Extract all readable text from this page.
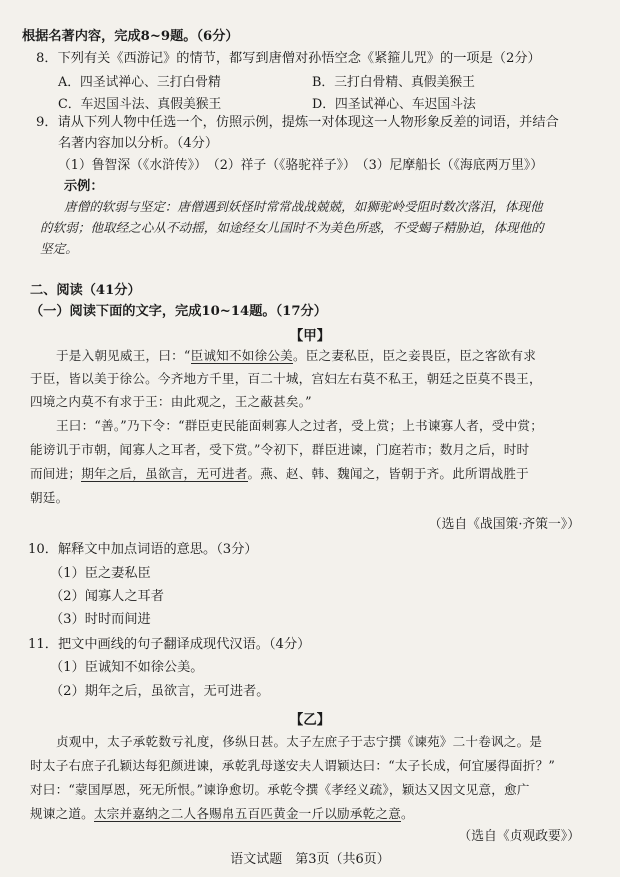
根据名著内容，完成8~9题。（6分）
8．下列有关《西游记》的情节，都写到唐僧对孙悟空念《紧箍儿咒》的一项是（2分）
A．四圣试禅心、三打白骨精	B．三打白骨精、真假美猴王
C．车迟国斗法、真假美猴王	D．四圣试禅心、车迟国斗法
9．请从下列人物中任选一个，仿照示例，提炼一对体现这一人物形象反差的词语，并结合
名著内容加以分析。（4分）
（1）鲁智深（《水浒传》）　（2）祥子（《骆驼祥子》）　（3）尼摩船长（《海底两万里》）
示例：
唐僧的软弱与坚定：唐僧遇到妖怪时常常战战兢兢，如狮驼岭受阻时数次落泪，体现他
的软弱；他取经之心从不动摇，如途经女儿国时不为美色所惑，不受蝎子精胁迫，体现他的
坚定。
二、阅读（41分）
（一）阅读下面的文字，完成10~14题。（17分）
【甲】
于是入朝见威王，曰：“臣诚知不如徐公美。臣之妻私臣，臣之妾畏臣，臣之客欲有求
于臣，皆以美于徐公。今齐地方千里，百二十城，宫妇左右莫不私王，朝廷之臣莫不畏王，
四境之内莫不有求于王：由此观之，王之蔽甚矣。”
王曰：“善。”乃下令：“群臣吏民能面刺寡人之过者，受上赏；上书谏寡人者，受中赏；
能谤讥于市朝，闻寡人之耳者，受下赏。”令初下，群臣进谏，门庭若市；数月之后，时时
而间进；期年之后，虽欲言，无可进者。燕、赵、韩、魏闻之，皆朝于齐。此所谓战胜于
朝廷。
（选自《战国策·齐策一》）
10．解释文中加点词语的意思。（3分）
（1）臣之妻私臣
（2）闻寡人之耳者
（3）时时而间进
11．把文中画线的句子翻译成现代汉语。（4分）
（1）臣诚知不如徐公美。
（2）期年之后，虽欲言，无可进者。
【乙】
贞观中，太子承乾数亏礼度，侈纵日甚。太子左庶子于志宁撰《谏苑》二十卷讽之。是
时太子右庶子孔颖达每犯颜进谏，承乾乳母遂安夫人谓颖达曰：“太子长成，何宜屡得面折？”
对曰：“蒙国厚恩，死无所恨。”谏诤愈切。承乾令撰《孝经义疏》，颖达又因文见意，愈广
规谏之道。太宗并嘉纳之二人各赐帛五百匹黄金一斤以励承乾之意。
（选自《贞观政要》）
语文试题　第3页（共6页）
